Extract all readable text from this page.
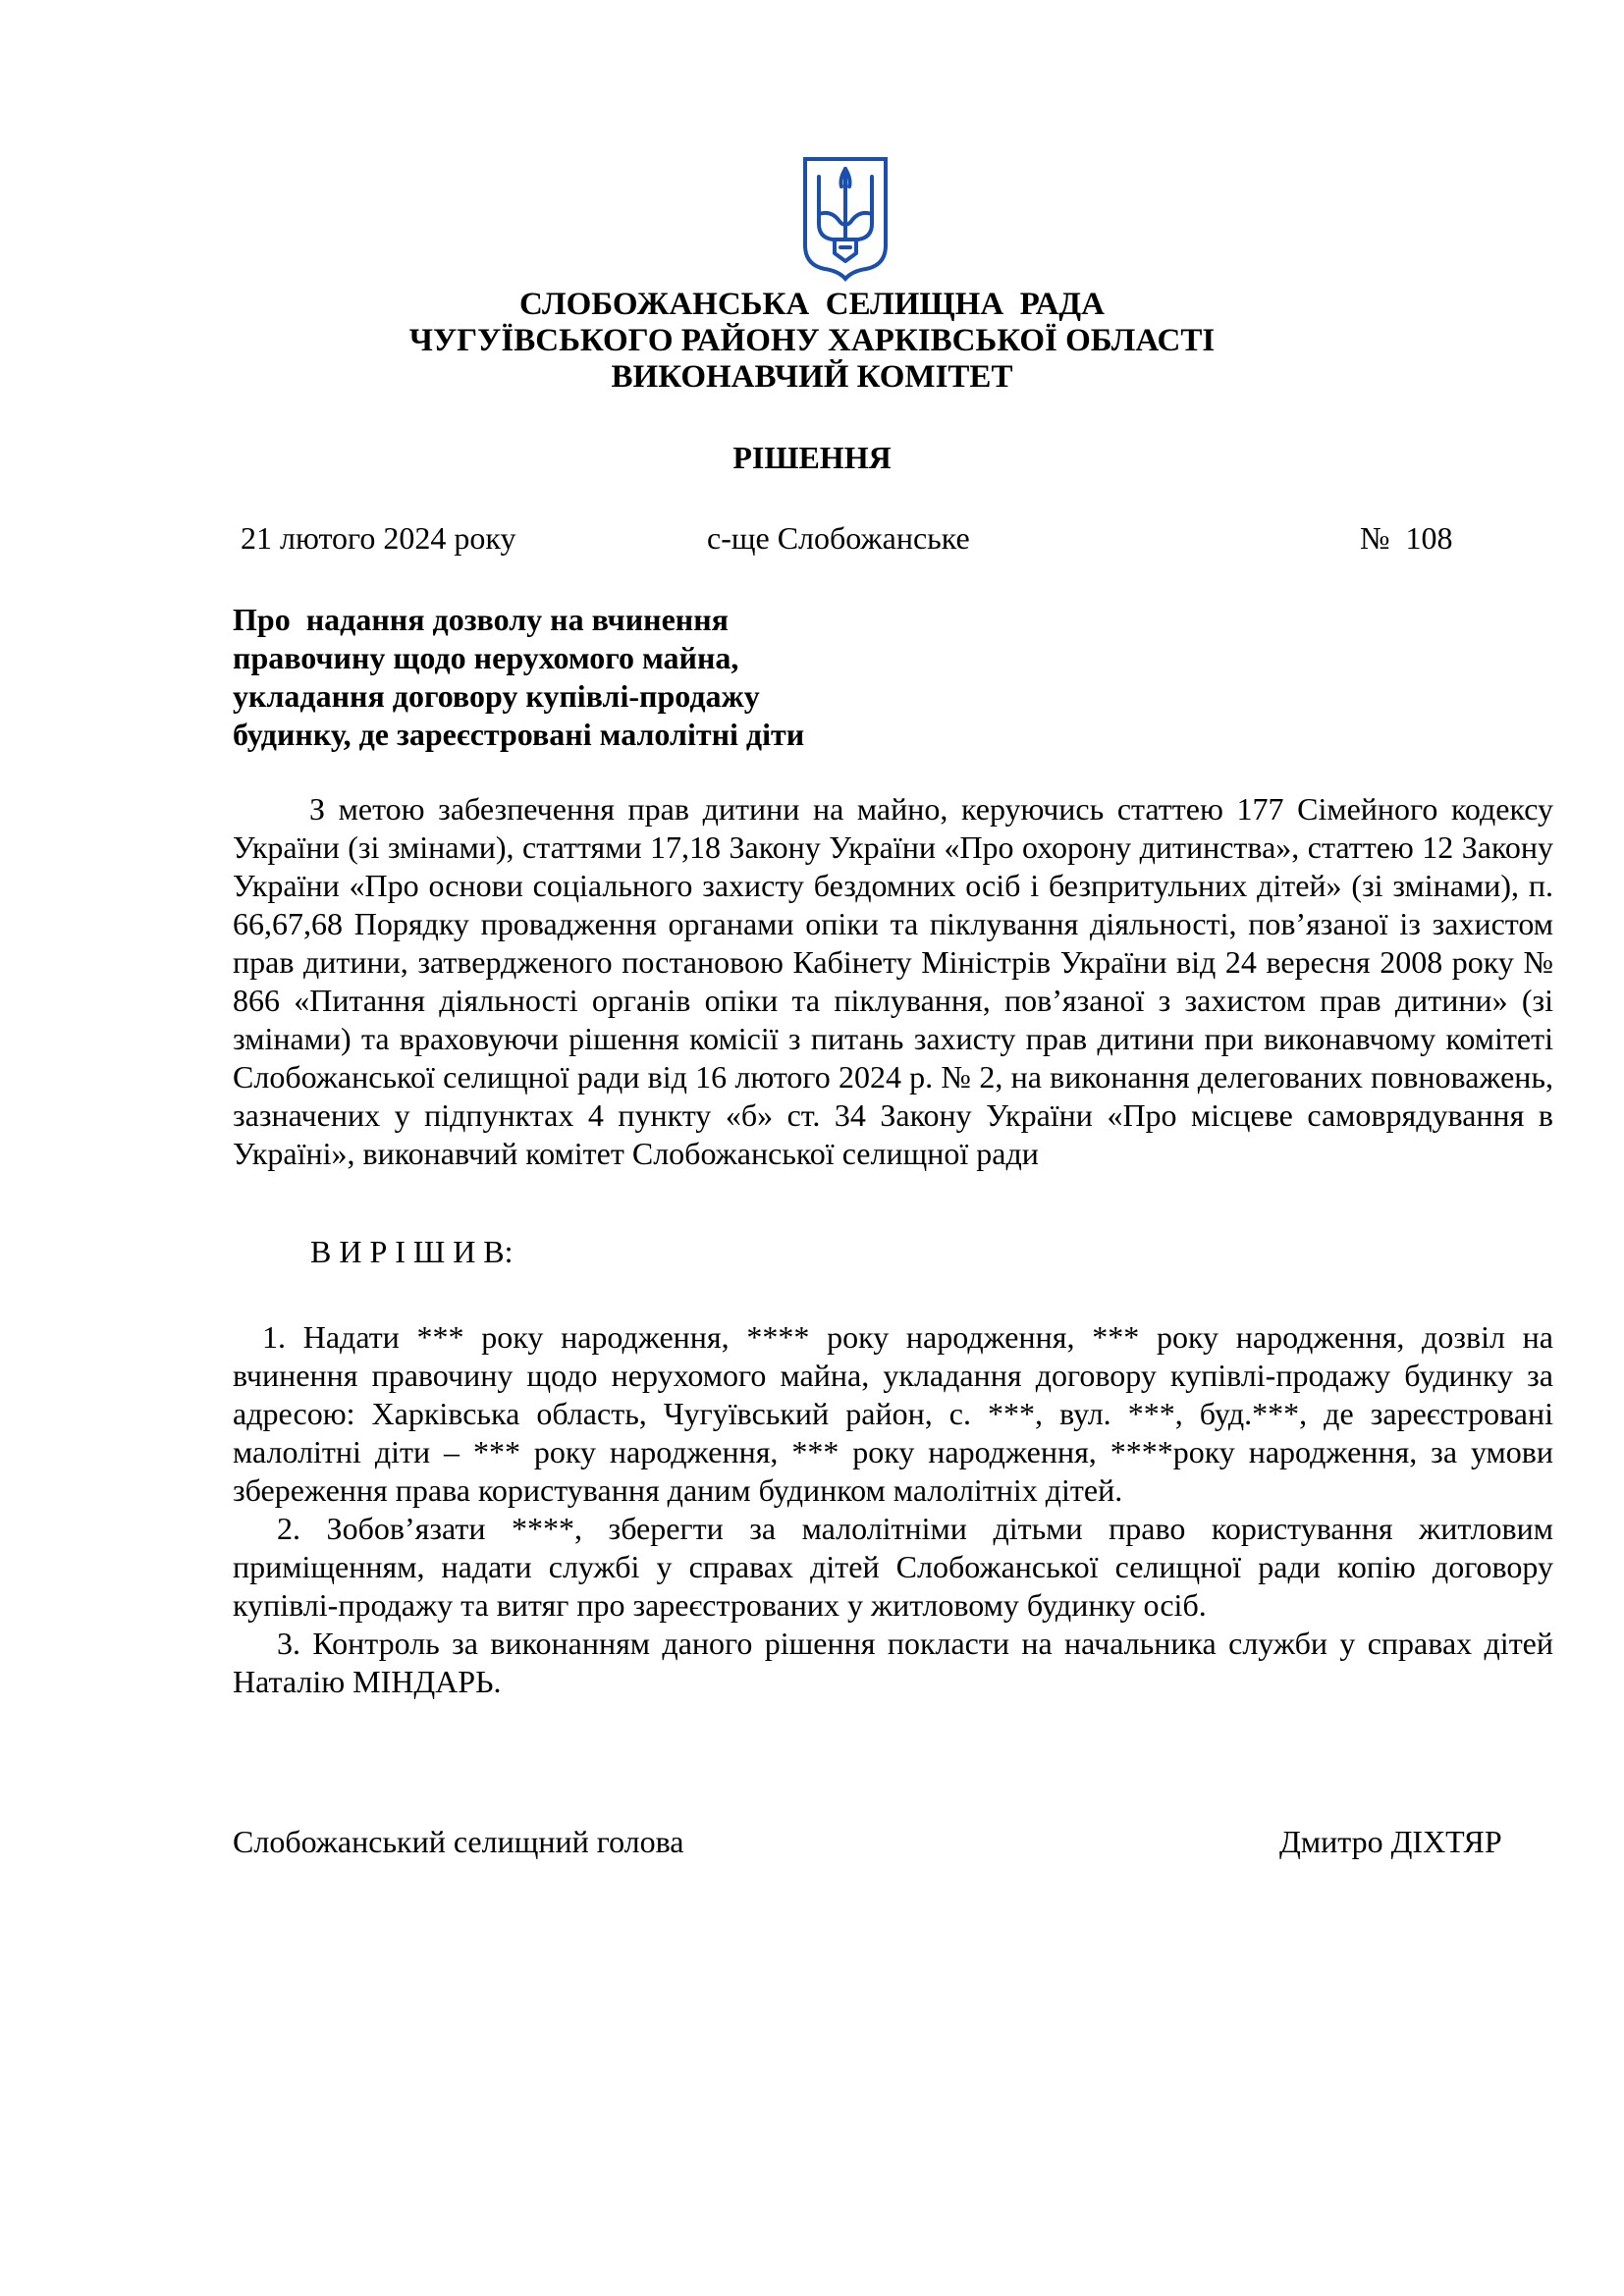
СЛОБОЖАНСЬКА  СЕЛИЩНА  РАДА
ЧУГУЇВСЬКОГО РАЙОНУ ХАРКІВСЬКОЇ ОБЛАСТІ
ВИКОНАВЧИЙ КОМІТЕТ
РІШЕННЯ
21 лютого 2024 року	с-ще Слобожанське	№  108
Про  надання дозволу на вчинення
правочину щодо нерухомого майна,
укладання договору купівлі-продажу
будинку, де зареєстровані малолітні діти
З метою забезпечення прав дитини на майно, керуючись статтею 177 Сімейного кодексу України (зі змінами), статтями 17,18 Закону України «Про охорону дитинства», статтею 12 Закону України «Про основи соціального захисту бездомних осіб і безпритульних дітей» (зі змінами), п. 66,67,68 Порядку провадження органами опіки та піклування діяльності, пов’язаної із захистом прав дитини, затвердженого постановою Кабінету Міністрів України від 24 вересня 2008 року № 866 «Питання діяльності органів опіки та піклування, пов’язаної з захистом прав дитини» (зі змінами) та враховуючи рішення комісії з питань захисту прав дитини при виконавчому комітеті Слобожанської селищної ради від 16 лютого 2024 р. № 2, на виконання делегованих повноважень, зазначених у підпунктах 4 пункту «б» ст. 34 Закону України «Про місцеве самоврядування в Україні», виконавчий комітет Слобожанської селищної ради
В И Р І Ш И В:

1. Надати *** року народження, **** року народження, *** року народження, дозвіл на вчинення правочину щодо нерухомого майна, укладання договору купівлі-продажу будинку за адресою: Харківська область, Чугуївський район, с. ***, вул. ***, буд.***, де зареєстровані малолітні діти – *** року народження, *** року народження, ****року народження, за умови збереження права користування даним будинком малолітніх дітей.

2. Зобов’язати ****, зберегти за малолітніми дітьми право користування житловим приміщенням, надати службі у справах дітей Слобожанської селищної ради копію договору купівлі-продажу та витяг про зареєстрованих у житловому будинку осіб.

3. Контроль за виконанням даного рішення покласти на начальника служби у справах дітей Наталію МІНДАРЬ.

Слобожанський селищний голова	Дмитро ДІХТЯР
